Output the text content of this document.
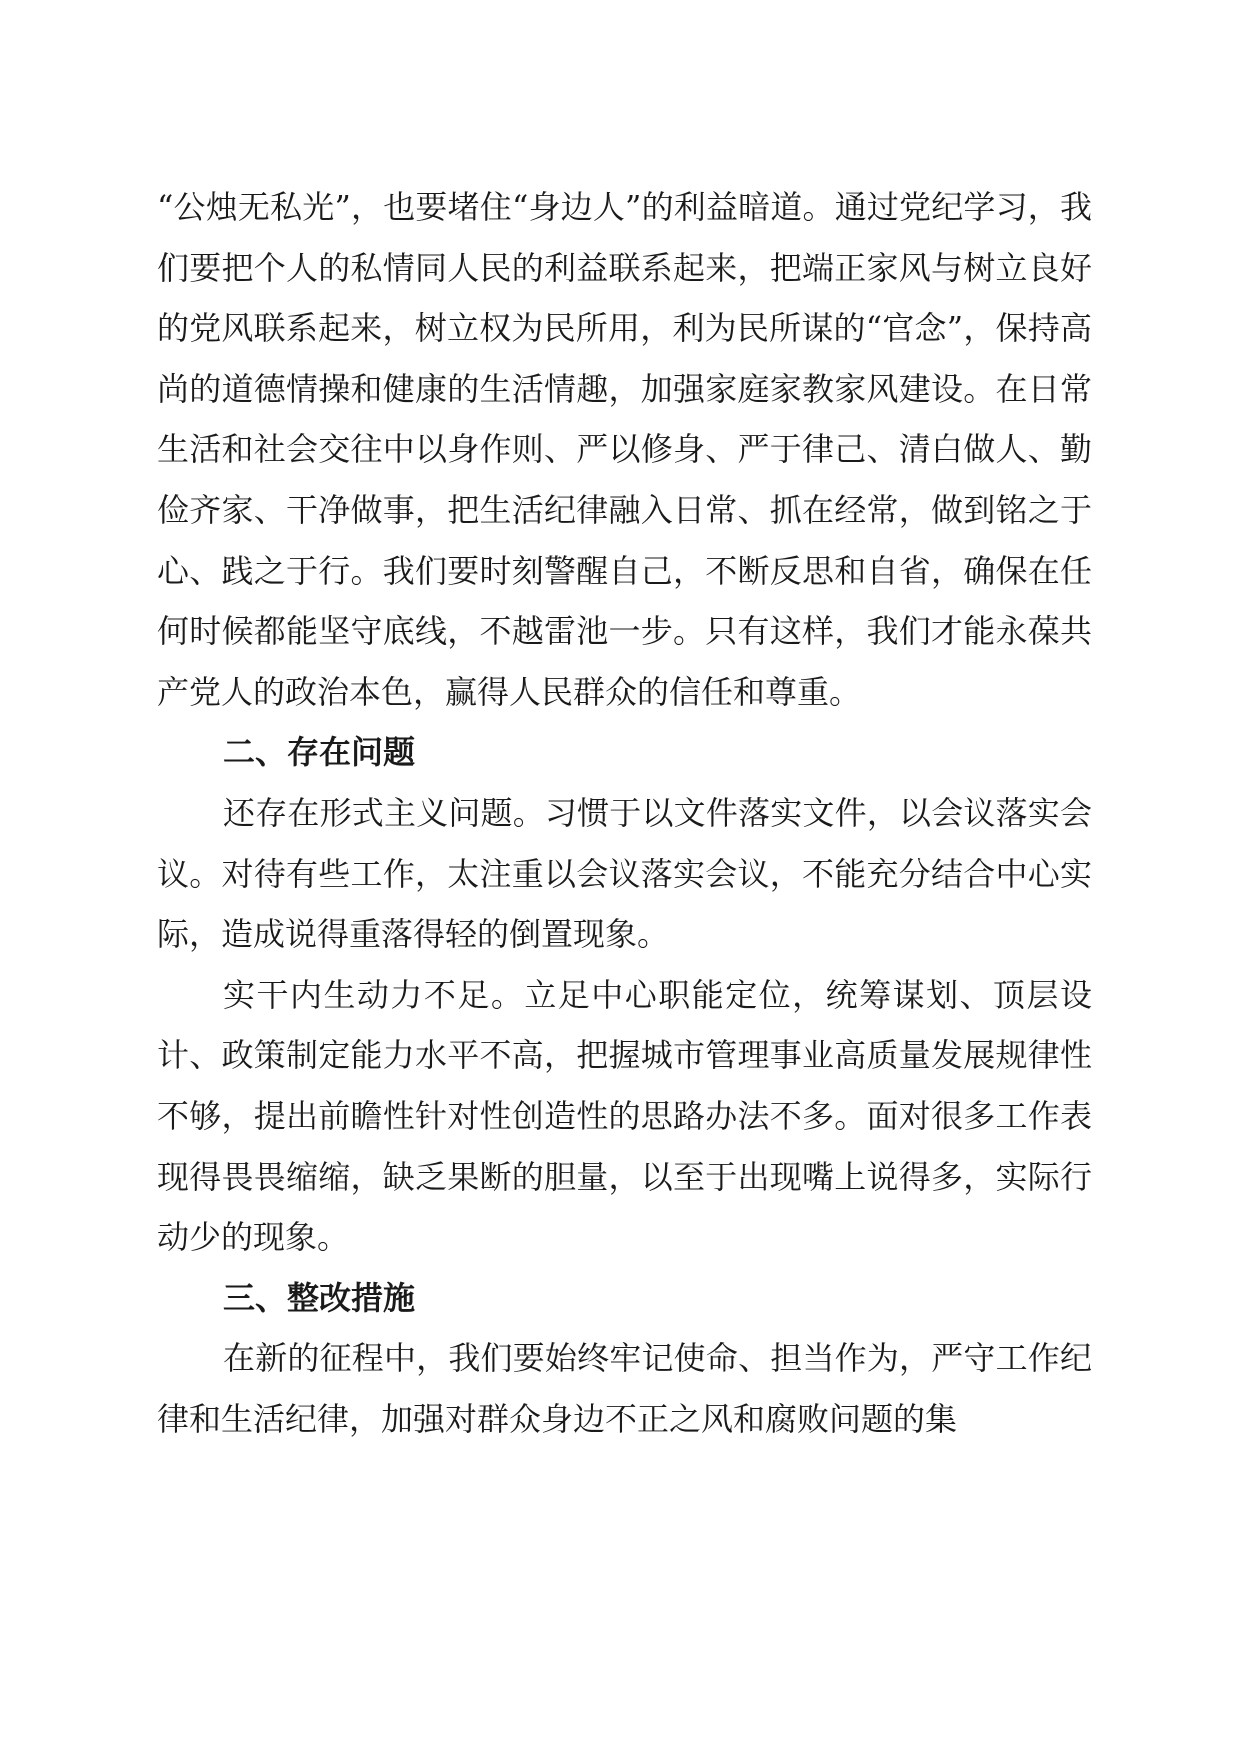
“公烛无私光”，也要堵住“身边人”的利益暗道。通过党纪学习，我们要把个人的私情同人民的利益联系起来，把端正家风与树立良好的党风联系起来，树立权为民所用，利为民所谋的“官念”，保持高尚的道德情操和健康的生活情趣，加强家庭家教家风建设。在日常生活和社会交往中以身作则、严以修身、严于律己、清白做人、勤俭齐家、干净做事，把生活纪律融入日常、抓在经常，做到铭之于心、践之于行。我们要时刻警醒自己，不断反思和自省，确保在任何时候都能坚守底线，不越雷池一步。只有这样，我们才能永葆共产党人的政治本色，赢得人民群众的信任和尊重。

二、存在问题

还存在形式主义问题。习惯于以文件落实文件，以会议落实会议。对待有些工作，太注重以会议落实会议，不能充分结合中心实际，造成说得重落得轻的倒置现象。

实干内生动力不足。立足中心职能定位，统筹谋划、顶层设计、政策制定能力水平不高，把握城市管理事业高质量发展规律性不够，提出前瞻性针对性创造性的思路办法不多。面对很多工作表现得畏畏缩缩，缺乏果断的胆量，以至于出现嘴上说得多，实际行动少的现象。

三、整改措施

在新的征程中，我们要始终牢记使命、担当作为，严守工作纪律和生活纪律，加强对群众身边不正之风和腐败问题的集
